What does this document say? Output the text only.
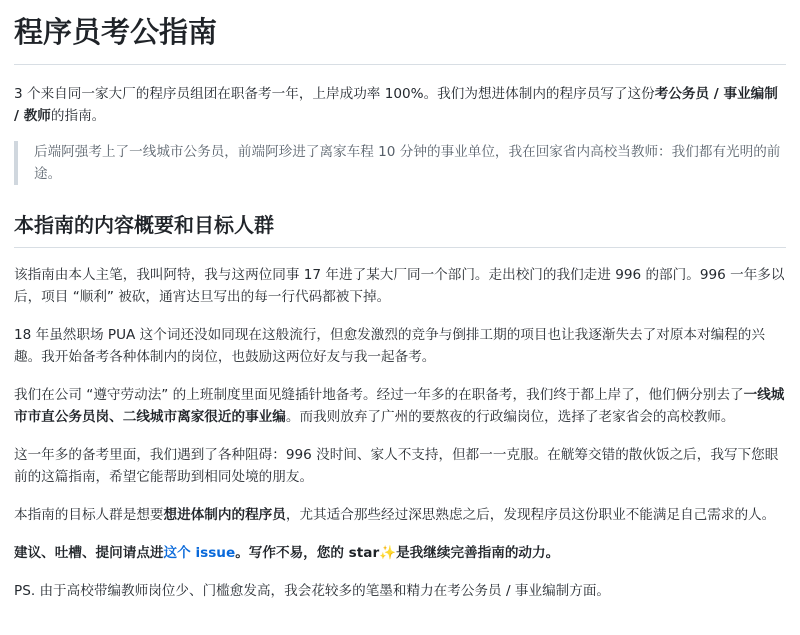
程序员考公指南

3 个来自同一家大厂的程序员组团在职备考一年，上岸成功率 100%。我们为想进体制内的程序员写了这份考公务员 / 事业编制 / 教师的指南。

后端阿强考上了一线城市公务员，前端阿珍进了离家车程 10 分钟的事业单位，我在回家省内高校当教师：我们都有光明的前途。

本指南的内容概要和目标人群

该指南由本人主笔，我叫阿特，我与这两位同事 17 年进了某大厂同一个部门。走出校门的我们走进 996 的部门。996 一年多以后，项目 “顺利” 被砍，通宵达旦写出的每一行代码都被下掉。

18 年虽然职场 PUA 这个词还没如同现在这般流行，但愈发激烈的竞争与倒排工期的项目也让我逐渐失去了对原本对编程的兴趣。我开始备考各种体制内的岗位，也鼓励这两位好友与我一起备考。

我们在公司 “遵守劳动法” 的上班制度里面见缝插针地备考。经过一年多的在职备考，我们终于都上岸了，他们俩分别去了一线城市市直公务员岗、二线城市离家很近的事业编。而我则放弃了广州的要熬夜的行政编岗位，选择了老家省会的高校教师。

这一年多的备考里面，我们遇到了各种阻碍：996 没时间、家人不支持，但都一一克服。在觥筹交错的散伙饭之后，我写下您眼前的这篇指南，希望它能帮助到相同处境的朋友。

本指南的目标人群是想要想进体制内的程序员，尤其适合那些经过深思熟虑之后，发现程序员这份职业不能满足自己需求的人。

建议、吐槽、提问请点进这个 issue。写作不易，您的 star✨是我继续完善指南的动力。

PS. 由于高校带编教师岗位少、门槛愈发高，我会花较多的笔墨和精力在考公务员 / 事业编制方面。
